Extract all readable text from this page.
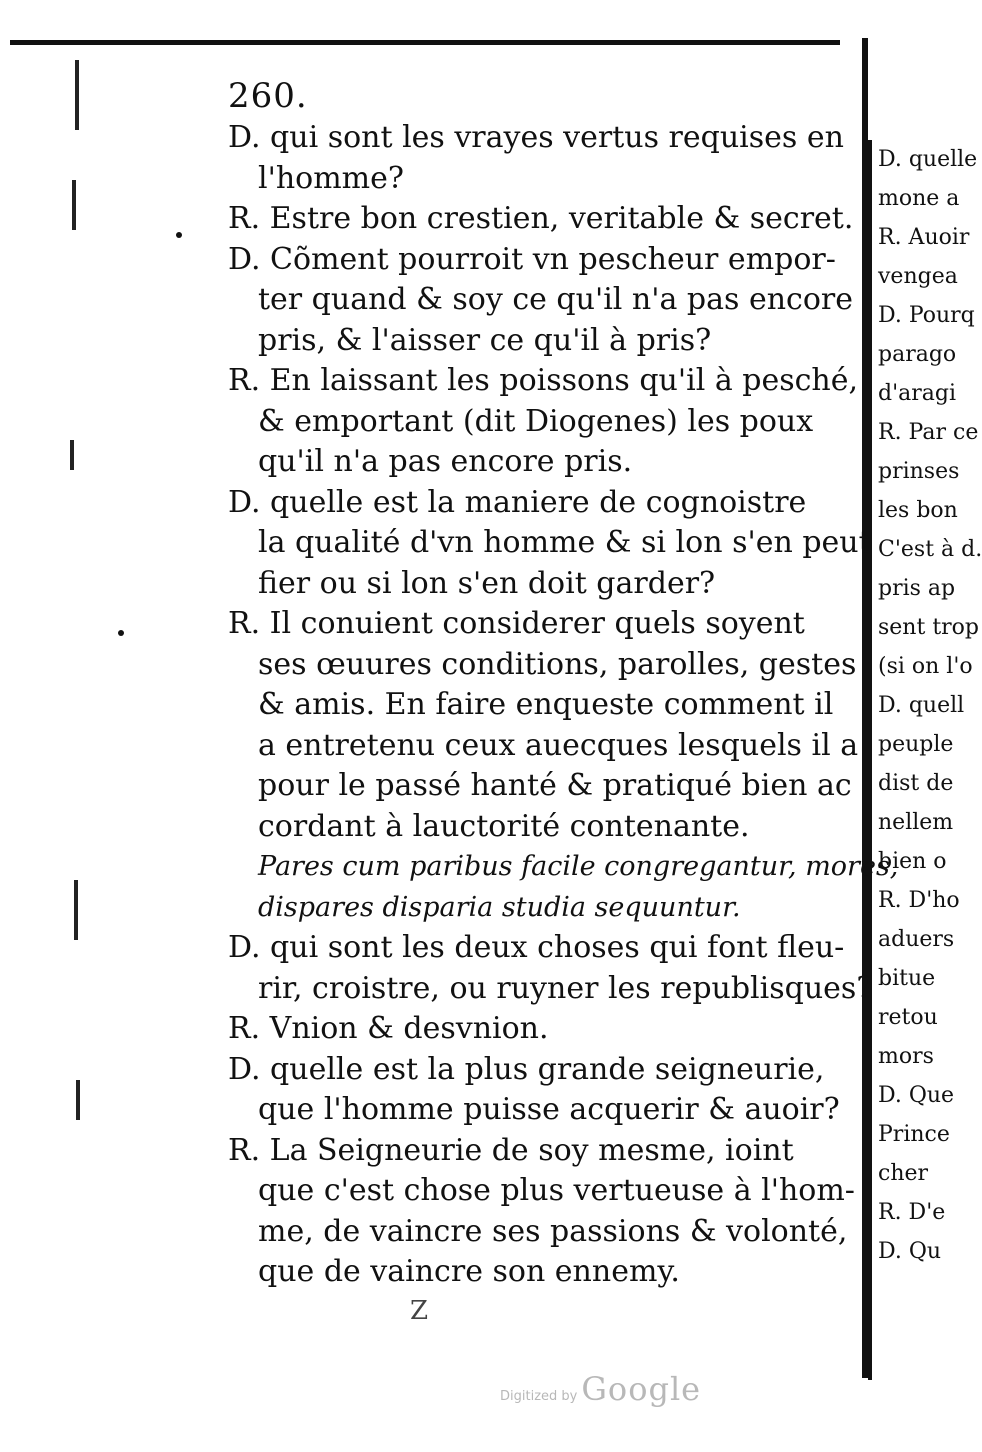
260.
D. qui sont les vrayes vertus requises en
l'homme?
R. Estre bon crestien, veritable & secret.
D. Cõment pourroit vn pescheur empor-
ter quand & soy ce qu'il n'a pas encore
pris, & l'aisser ce qu'il à pris?
R. En laissant les poissons qu'il à pesché,
& emportant (dit Diogenes) les poux
qu'il n'a pas encore pris.
D. quelle est la maniere de cognoistre
la qualité d'vn homme & si lon s'en peut
fier ou si lon s'en doit garder?
R. Il conuient considerer quels soyent
ses œuures conditions, parolles, gestes
& amis. En faire enqueste comment il
a entretenu ceux auecques lesquels il a
pour le passé hanté & pratiqué bien ac
cordant à lauctorité contenante.
Pares cum paribus facile congregantur, mores,
dispares disparia studia sequuntur.
D. qui sont les deux choses qui font fleu-
rir, croistre, ou ruyner les republisques?
R. Vnion & desvnion.
D. quelle est la plus grande seigneurie,
que l'homme puisse acquerir & auoir?
R. La Seigneurie de soy mesme, ioint
que c'est chose plus vertueuse à l'hom-
me, de vaincre ses passions & volonté,
que de vaincre son ennemy.
D. quelle
mone a
R. Auoir
vengea
D. Pourq
parago
d'aragi
R. Par ce
prinses
les bon
C'est à d.
pris ap
sent trop
(si on l'o
D. quell
peuple
dist de
nellem
bien o
R. D'ho
aduers
bitue
retou
mors
D. Que
Prince
cher
R. D'e
D. Qu
Z
Digitized by Google
